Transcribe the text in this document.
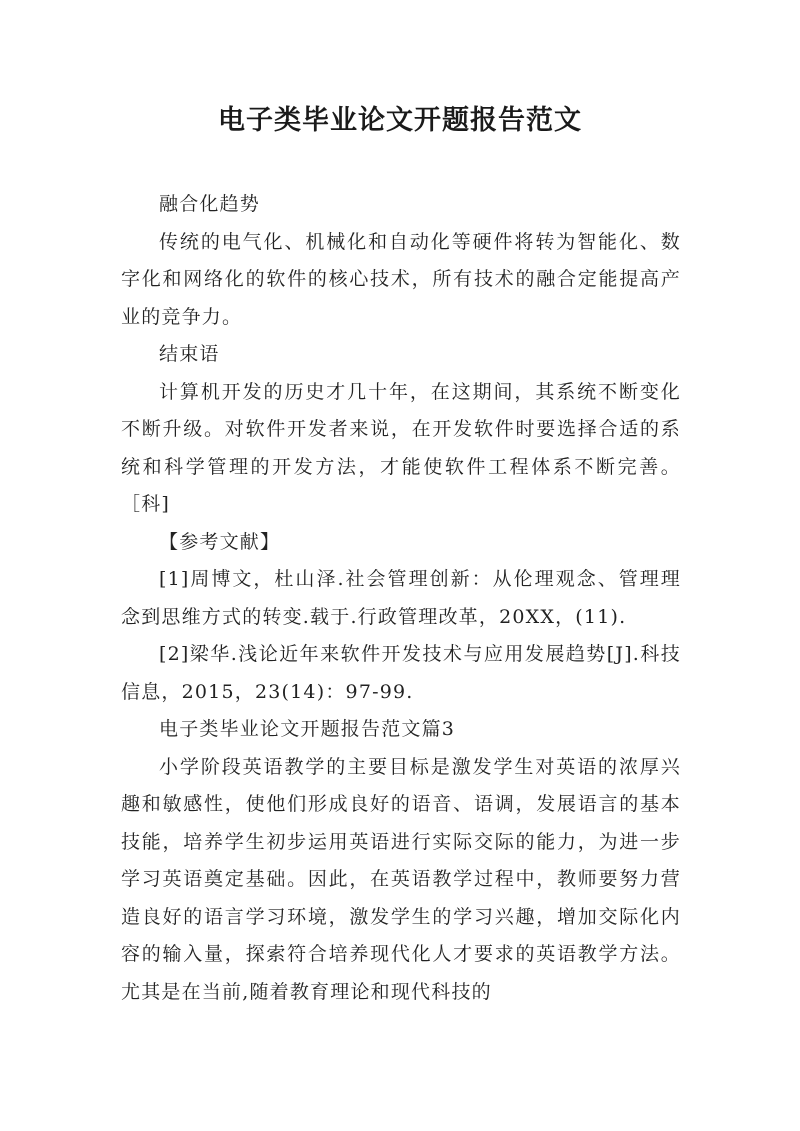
电子类毕业论文开题报告范文

融合化趋势

传统的电气化、机械化和自动化等硬件将转为智能化、数字化和网络化的软件的核心技术，所有技术的融合定能提高产业的竞争力。

结束语

计算机开发的历史才几十年，在这期间，其系统不断变化不断升级。对软件开发者来说，在开发软件时要选择合适的系统和科学管理的开发方法，才能使软件工程体系不断完善。［科]

【参考文献】

[1]周博文，杜山泽.社会管理创新：从伦理观念、管理理念到思维方式的转变.载于.行政管理改革，20XX，(11).

[2]梁华.浅论近年来软件开发技术与应用发展趋势[J].科技信息，2015，23(14)：97-99.

电子类毕业论文开题报告范文篇3

小学阶段英语教学的主要目标是激发学生对英语的浓厚兴趣和敏感性，使他们形成良好的语音、语调，发展语言的基本技能，培养学生初步运用英语进行实际交际的能力，为进一步学习英语奠定基础。因此，在英语教学过程中，教师要努力营造良好的语言学习环境，激发学生的学习兴趣，增加交际化内容的输入量，探索符合培养现代化人才要求的英语教学方法。尤其是在当前,随着教育理论和现代科技的
